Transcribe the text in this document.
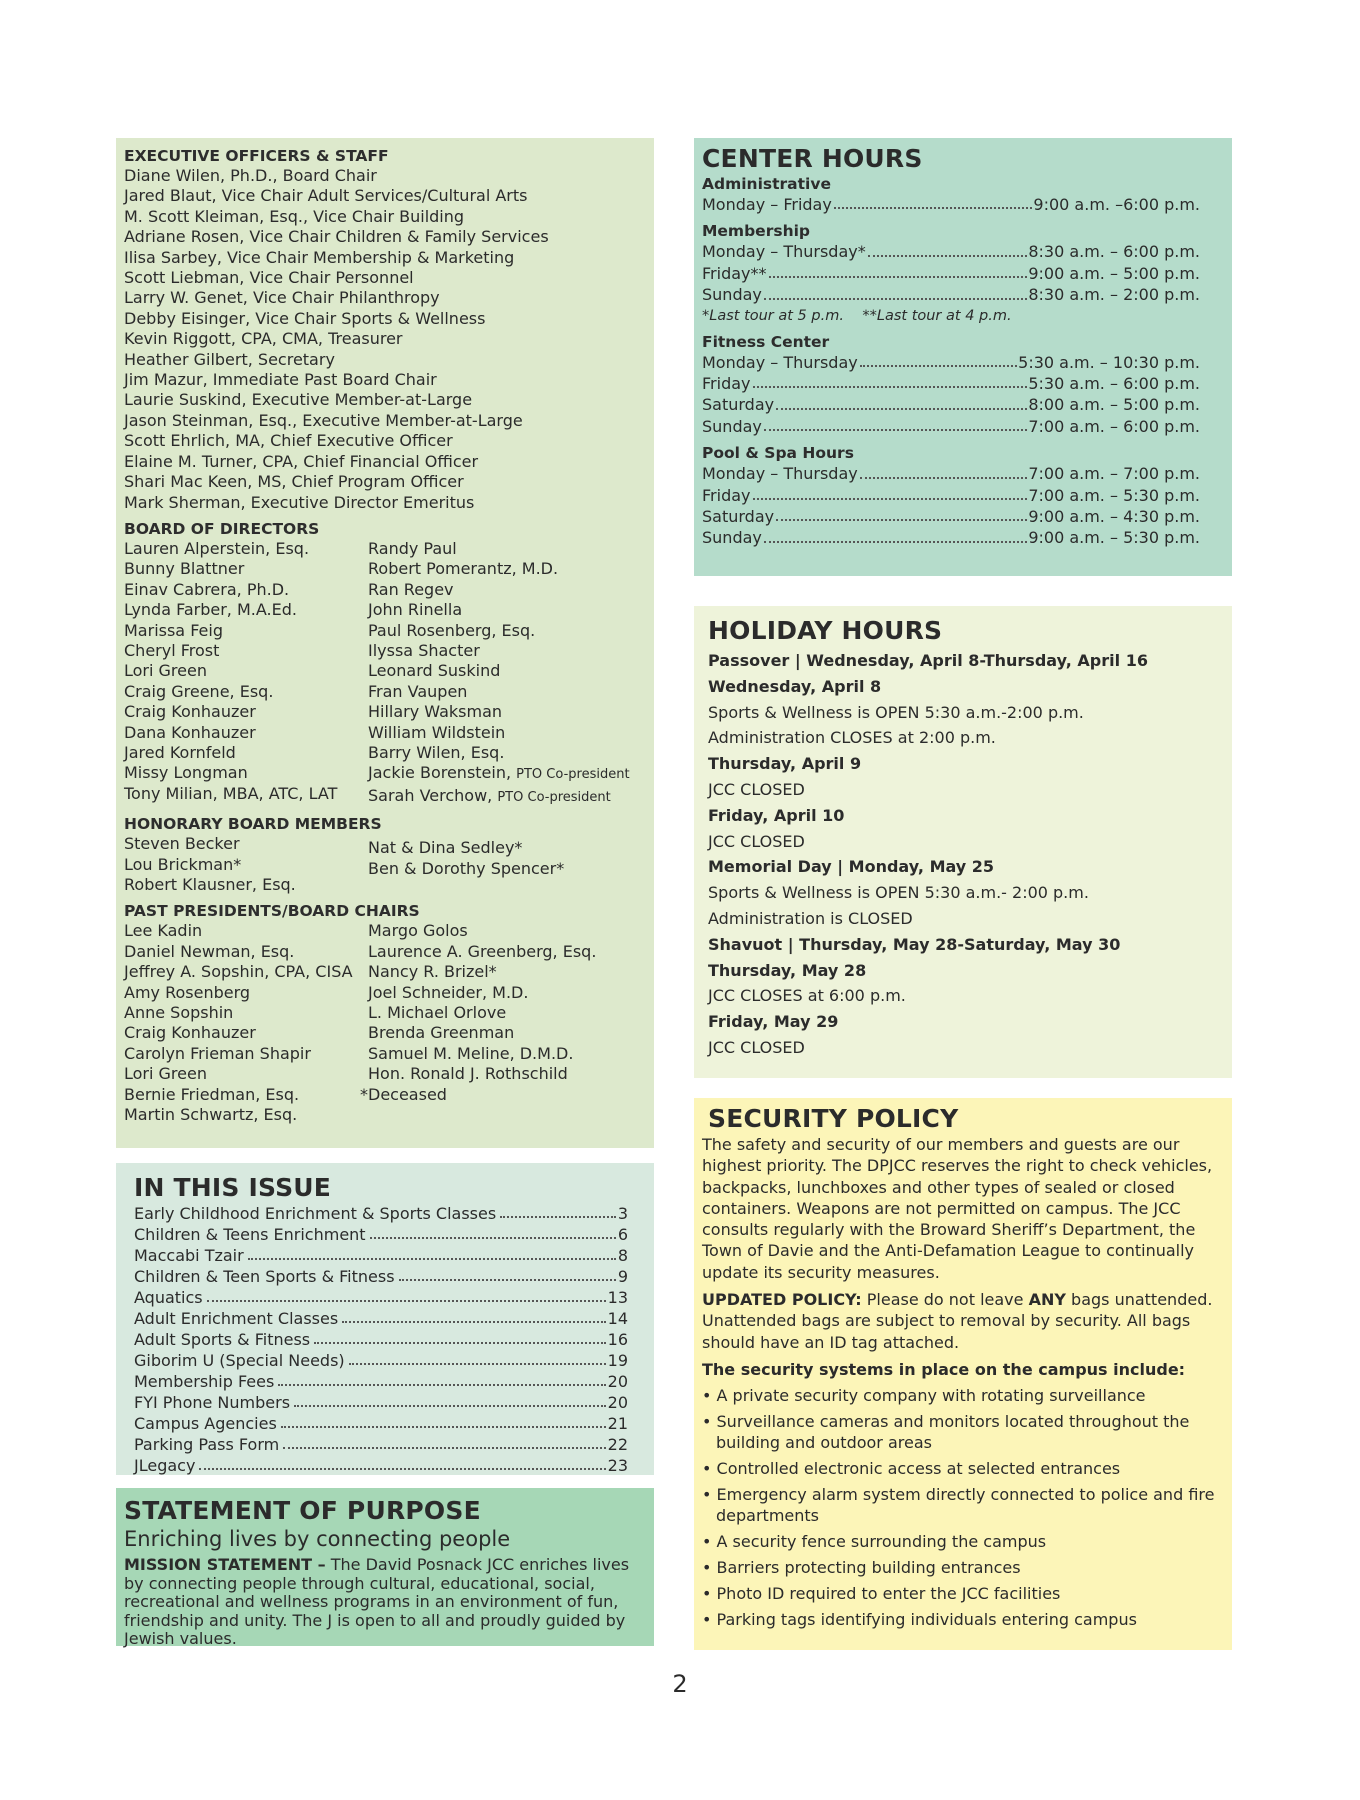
EXECUTIVE OFFICERS & STAFF
Diane Wilen, Ph.D., Board Chair
Jared Blaut, Vice Chair Adult Services/Cultural Arts
M. Scott Kleiman, Esq., Vice Chair Building
Adriane Rosen, Vice Chair Children & Family Services
Ilisa Sarbey, Vice Chair Membership & Marketing
Scott Liebman, Vice Chair Personnel
Larry W. Genet, Vice Chair Philanthropy
Debby Eisinger, Vice Chair Sports & Wellness
Kevin Riggott, CPA, CMA, Treasurer
Heather Gilbert, Secretary
Jim Mazur, Immediate Past Board Chair
Laurie Suskind, Executive Member-at-Large
Jason Steinman, Esq., Executive Member-at-Large
Scott Ehrlich, MA, Chief Executive Officer
Elaine M. Turner, CPA, Chief Financial Officer
Shari Mac Keen, MS, Chief Program Officer
Mark Sherman, Executive Director Emeritus
BOARD OF DIRECTORS
Lauren Alperstein, Esq.
Bunny Blattner
Einav Cabrera, Ph.D.
Lynda Farber, M.A.Ed.
Marissa Feig
Cheryl Frost
Lori Green
Craig Greene, Esq.
Craig Konhauzer
Dana Konhauzer
Jared Kornfeld
Missy Longman
Tony Milian, MBA, ATC, LAT
Randy Paul
Robert Pomerantz, M.D.
Ran Regev
John Rinella
Paul Rosenberg, Esq.
Ilyssa Shacter
Leonard Suskind
Fran Vaupen
Hillary Waksman
William Wildstein
Barry Wilen, Esq.
Jackie Borenstein, PTO Co-president
Sarah Verchow, PTO Co-president
HONORARY BOARD MEMBERS
Steven Becker
Lou Brickman*
Robert Klausner, Esq.
Nat & Dina Sedley*
Ben & Dorothy Spencer*
PAST PRESIDENTS/BOARD CHAIRS
Lee Kadin
Daniel Newman, Esq.
Jeffrey A. Sopshin, CPA, CISA
Amy Rosenberg
Anne Sopshin
Craig Konhauzer
Carolyn Frieman Shapir
Lori Green
Bernie Friedman, Esq.
Martin Schwartz, Esq.
Margo Golos
Laurence A. Greenberg, Esq.
Nancy R. Brizel*
Joel Schneider, M.D.
L. Michael Orlove
Brenda Greenman
Samuel M. Meline, D.M.D.
Hon. Ronald J. Rothschild
*Deceased
IN THIS ISSUE
Early Childhood Enrichment & Sports Classes	3
Children & Teens Enrichment	6
Maccabi Tzair	8
Children & Teen Sports & Fitness	9
Aquatics	13
Adult Enrichment Classes	14
Adult Sports & Fitness	16
Giborim U (Special Needs)	19
Membership Fees	20
FYI Phone Numbers	20
Campus Agencies	21
Parking Pass Form	22
JLegacy	23
STATEMENT OF PURPOSE
Enriching lives by connecting people
MISSION STATEMENT – The David Posnack JCC enriches lives by connecting people through cultural, educational, social, recreational and wellness programs in an environment of fun, friendship and unity. The J is open to all and proudly guided by Jewish values.
CENTER HOURS
Administrative
Monday – Friday	9:00 a.m. –6:00 p.m.
Membership
Monday – Thursday*	8:30 a.m. – 6:00 p.m.
Friday**	9:00 a.m. – 5:00 p.m.
Sunday	8:30 a.m. – 2:00 p.m.
*Last tour at 5 p.m.    **Last tour at 4 p.m.
Fitness Center
Monday – Thursday	5:30 a.m. – 10:30 p.m.
Friday	5:30 a.m. – 6:00 p.m.
Saturday	8:00 a.m. – 5:00 p.m.
Sunday	7:00 a.m. – 6:00 p.m.
Pool & Spa Hours
Monday – Thursday	7:00 a.m. – 7:00 p.m.
Friday	7:00 a.m. – 5:30 p.m.
Saturday	9:00 a.m. – 4:30 p.m.
Sunday	9:00 a.m. – 5:30 p.m.
HOLIDAY HOURS
Passover | Wednesday, April 8-Thursday, April 16
Wednesday, April 8
Sports & Wellness is OPEN 5:30 a.m.-2:00 p.m.
Administration CLOSES at 2:00 p.m.
Thursday, April 9
JCC CLOSED
Friday, April 10
JCC CLOSED
Memorial Day | Monday, May 25
Sports & Wellness is OPEN 5:30 a.m.- 2:00 p.m.
Administration is CLOSED
Shavuot | Thursday, May 28-Saturday, May 30
Thursday, May 28
JCC CLOSES at 6:00 p.m.
Friday, May 29
JCC CLOSED
SECURITY POLICY
The safety and security of our members and guests are our highest priority. The DPJCC reserves the right to check vehicles, backpacks, lunchboxes and other types of sealed or closed containers. Weapons are not permitted on campus. The JCC consults regularly with the Broward Sheriff’s Department, the Town of Davie and the Anti-Defamation League to continually update its security measures.
UPDATED POLICY: Please do not leave ANY bags unattended. Unattended bags are subject to removal by security. All bags should have an ID tag attached.
The security systems in place on the campus include:
• A private security company with rotating surveillance
• Surveillance cameras and monitors located throughout the building and outdoor areas
• Controlled electronic access at selected entrances
• Emergency alarm system directly connected to police and fire departments
• A security fence surrounding the campus
• Barriers protecting building entrances
• Photo ID required to enter the JCC facilities
• Parking tags identifying individuals entering campus
2
